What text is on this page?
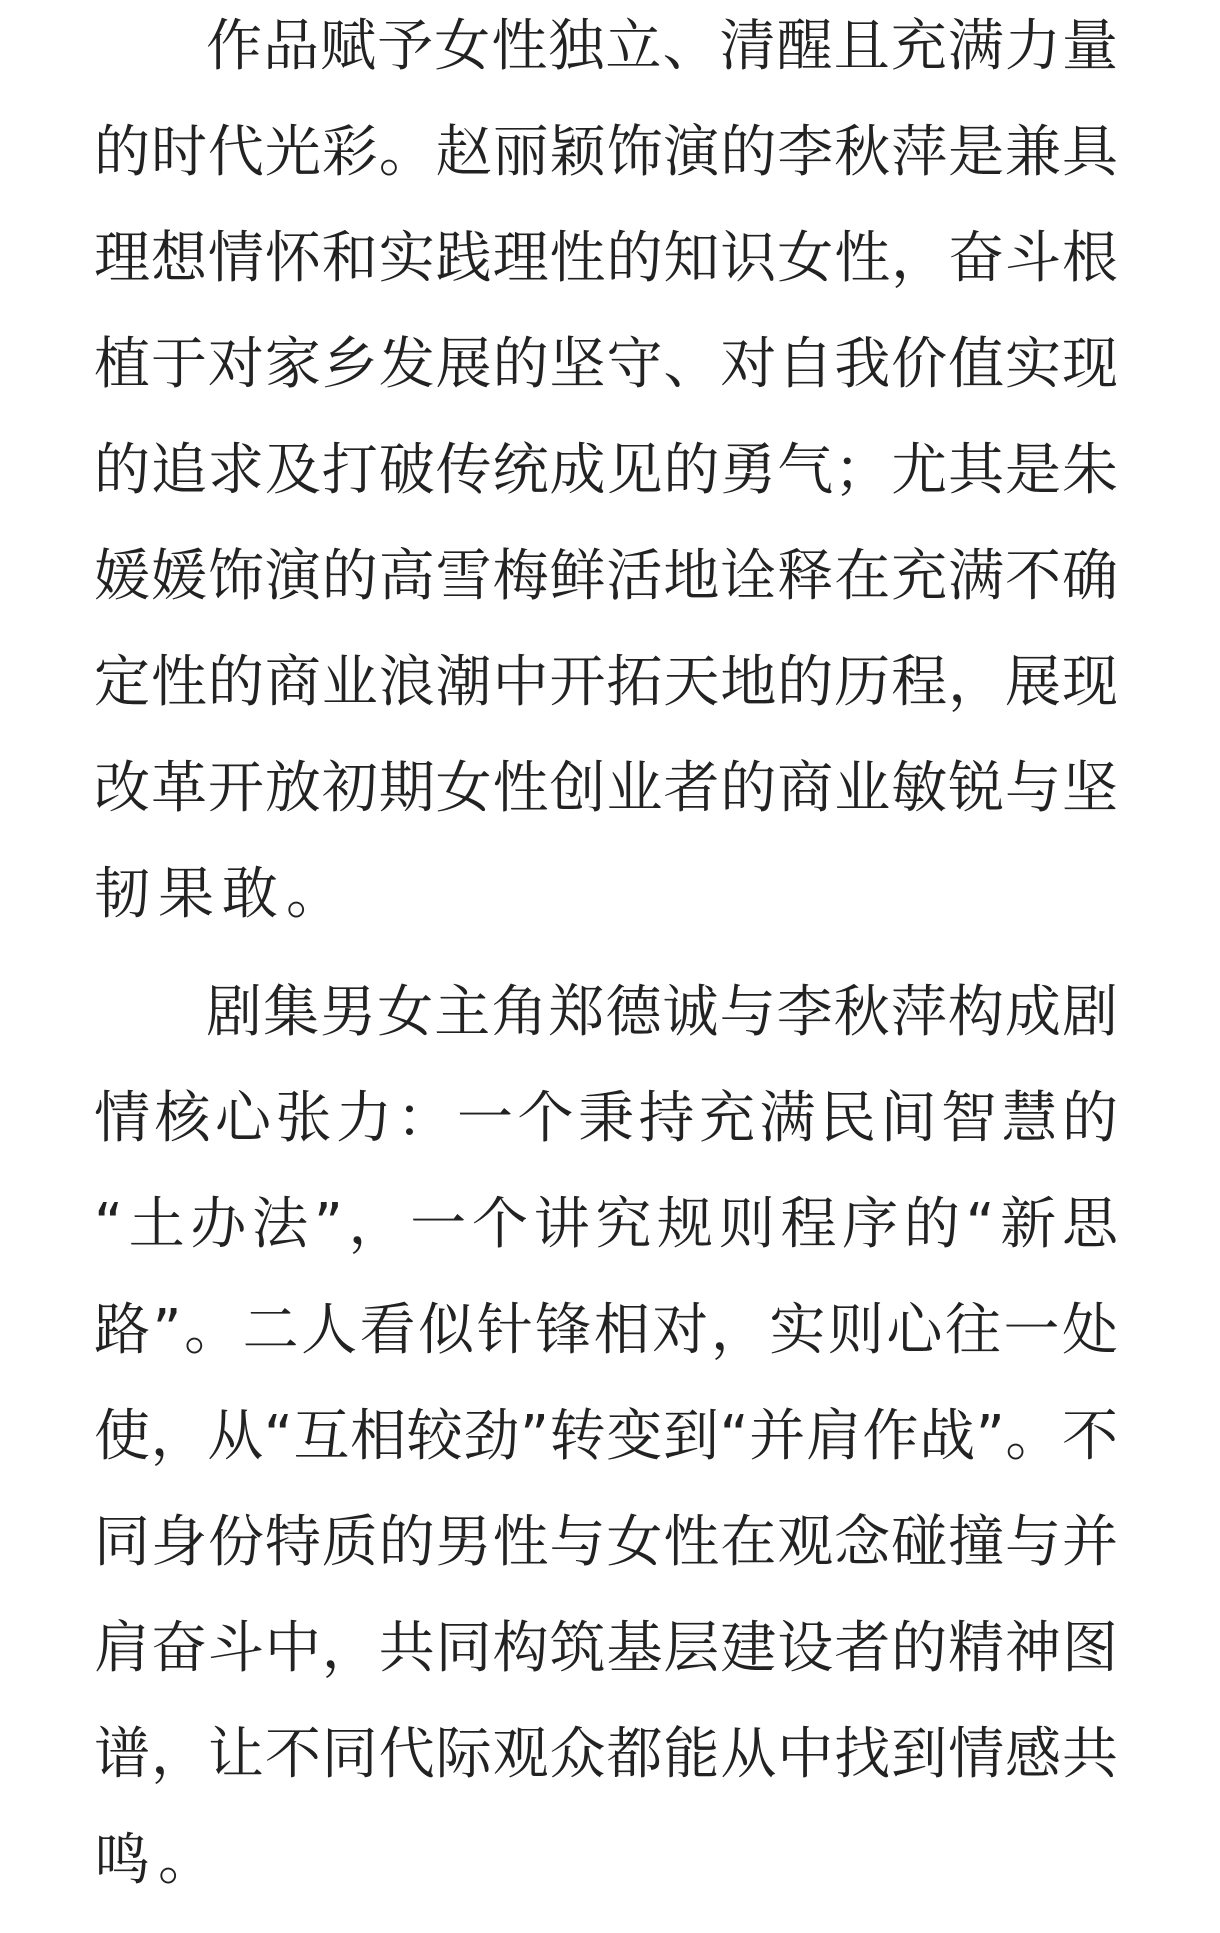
作品赋予女性独立、清醒且充满力量
的时代光彩。赵丽颖饰演的李秋萍是兼具
理想情怀和实践理性的知识女性，奋斗根
植于对家乡发展的坚守、对自我价值实现
的追求及打破传统成见的勇气；尤其是朱
媛媛饰演的高雪梅鲜活地诠释在充满不确
定性的商业浪潮中开拓天地的历程，展现
改革开放初期女性创业者的商业敏锐与坚
韧果敢。
剧集男女主角郑德诚与李秋萍构成剧
情核心张力：一个秉持充满民间智慧的
“土办法”，一个讲究规则程序的“新思
路”。二人看似针锋相对，实则心往一处
使，从“互相较劲”转变到“并肩作战”。不
同身份特质的男性与女性在观念碰撞与并
肩奋斗中，共同构筑基层建设者的精神图
谱，让不同代际观众都能从中找到情感共
鸣。
